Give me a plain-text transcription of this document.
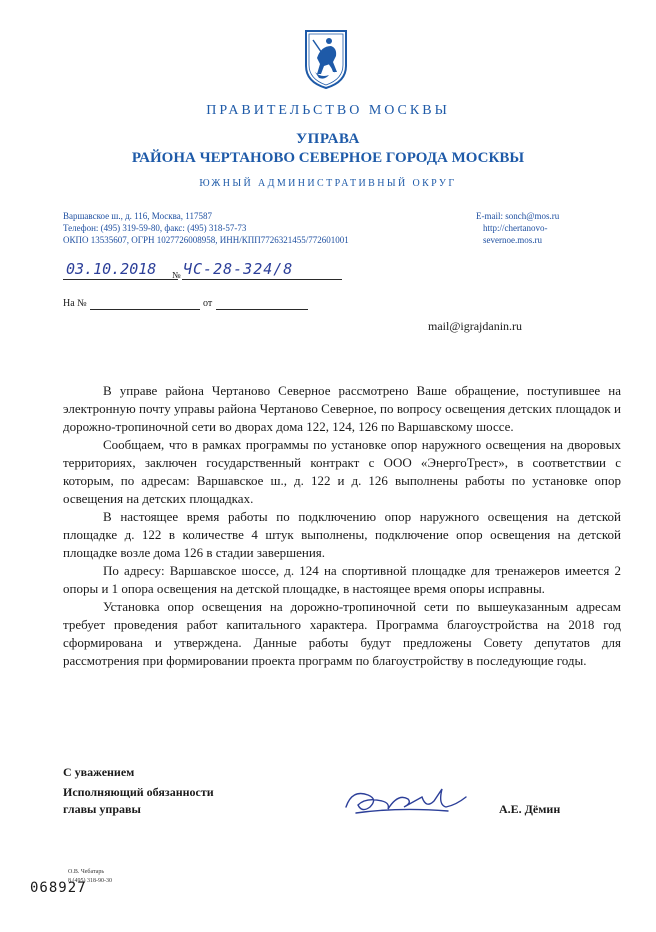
ПРАВИТЕЛЬСТВО МОСКВЫ
УПРАВА
РАЙОНА ЧЕРТАНОВО СЕВЕРНОЕ ГОРОДА МОСКВЫ
ЮЖНЫЙ АДМИНИСТРАТИВНЫЙ ОКРУГ
Варшавское ш., д. 116, Москва, 117587
Телефон: (495) 319-59-80, факс: (495) 318-57-73
ОКПО 13535607, ОГРН 1027726008958, ИНН/КПП7726321455/772601001
E-mail: sonch@mos.ru
http://chertanovo-
severnoe.mos.ru
03.10.2018 № ЧС-28-324/8
На №	от
mail@igrajdanin.ru

В управе района Чертаново Северное рассмотрено Ваше обращение, поступившее на электронную почту управы района Чертаново Северное, по вопросу освещения детских площадок и дорожно-тропиночной сети во дворах дома 122, 124, 126 по Варшавскому шоссе.

Сообщаем, что в рамках программы по установке опор наружного освещения на дворовых территориях, заключен государственный контракт с ООО «ЭнергоТрест», в соответствии с которым, по адресам: Варшавское ш., д. 122 и д. 126 выполнены работы по установке опор освещения на детских площадках.

В настоящее время работы по подключению опор наружного освещения на детской площадке д. 122 в количестве 4 штук выполнены, подключение опор освещения на детской площадке возле дома 126 в стадии завершения.

По адресу: Варшавское шоссе, д. 124 на спортивной площадке для тренажеров имеется 2 опоры и 1 опора освещения на детской площадке, в настоящее время опоры исправны.

Установка опор освещения на дорожно-тропиночной сети по вышеуказанным адресам требует проведения работ капитального характера. Программа благоустройства на 2018 год сформирована и утверждена. Данные работы будут предложены Совету депутатов для рассмотрения при формировании проекта программ по благоустройству в последующие годы.

С уважением
Исполняющий обязанности
главы управы	А.Е. Дёмин
068927
О.В. Чебатарь
8 (495) 318-90-30
